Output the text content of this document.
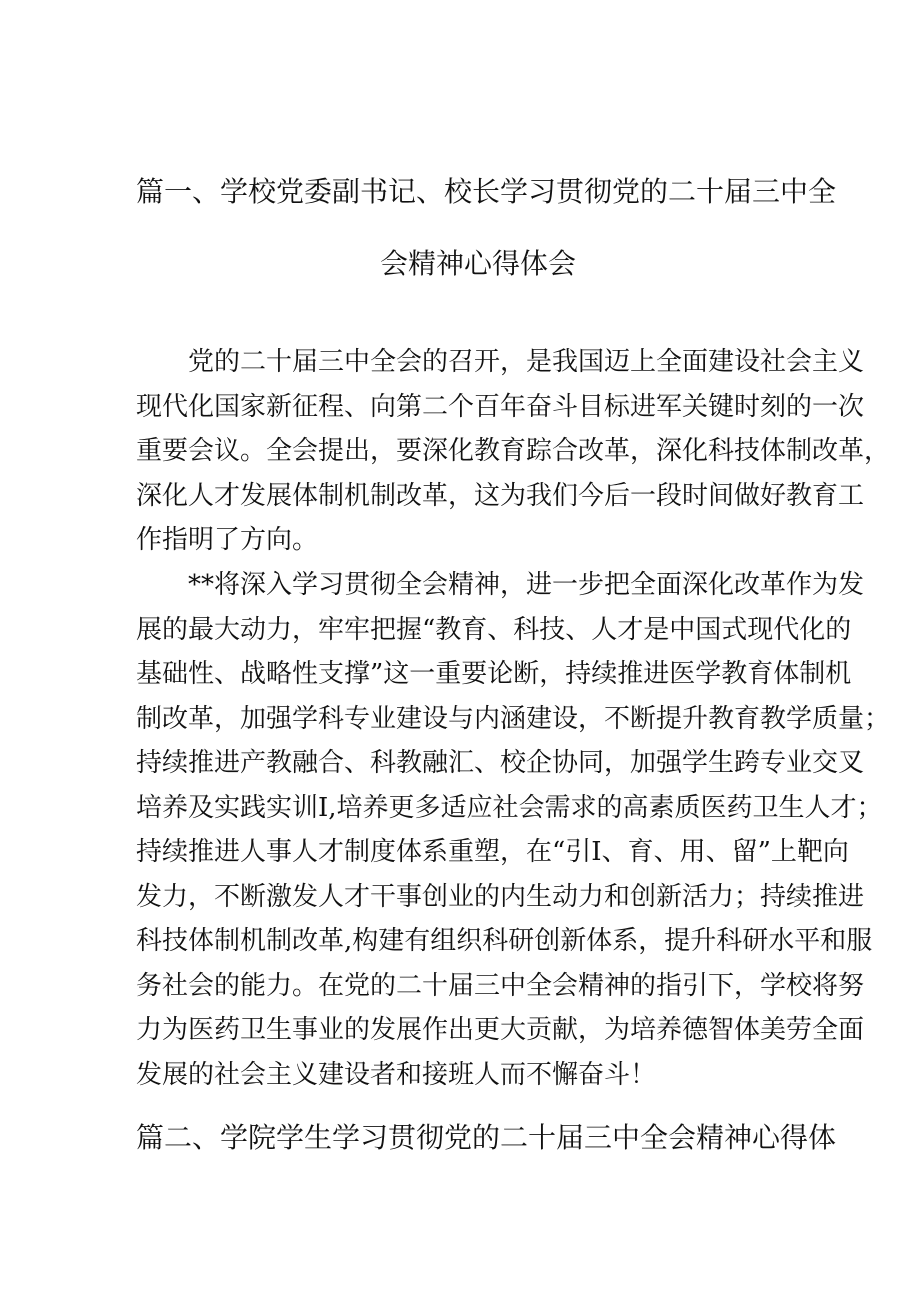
篇一、学校党委副书记、校长学习贯彻党的二十届三中全
会精神心得体会
党的二十届三中全会的召开，是我国迈上全面建设社会主义
现代化国家新征程、向第二个百年奋斗目标进军关键时刻的一次
重要会议。全会提出，要深化教育踪合改革，深化科技体制改革，
深化人才发展体制机制改革，这为我们今后一段时间做好教育工
作指明了方向。
**将深入学习贯彻全会精神，进一步把全面深化改革作为发
展的最大动力，牢牢把握“教育、科技、人才是中国式现代化的
基础性、战略性支撑”这一重要论断，持续推进医学教育体制机
制改革，加强学科专业建设与内涵建设，不断提升教育教学质量；
持续推进产教融合、科教融汇、校企协同，加强学生跨专业交叉
培养及实践实训Ⅰ,培养更多适应社会需求的高素质医药卫生人才；
持续推进人事人才制度体系重塑，在“引Ⅰ、育、用、留”上靶向
发力，不断激发人才干事创业的内生动力和创新活力；持续推进
科技体制机制改革,构建有组织科研创新体系，提升科研水平和服
务社会的能力。在党的二十届三中全会精神的指引下，学校将努
力为医药卫生事业的发展作出更大贡献，为培养德智体美劳全面
发展的社会主义建设者和接班人而不懈奋斗！
篇二、学院学生学习贯彻党的二十届三中全会精神心得体
